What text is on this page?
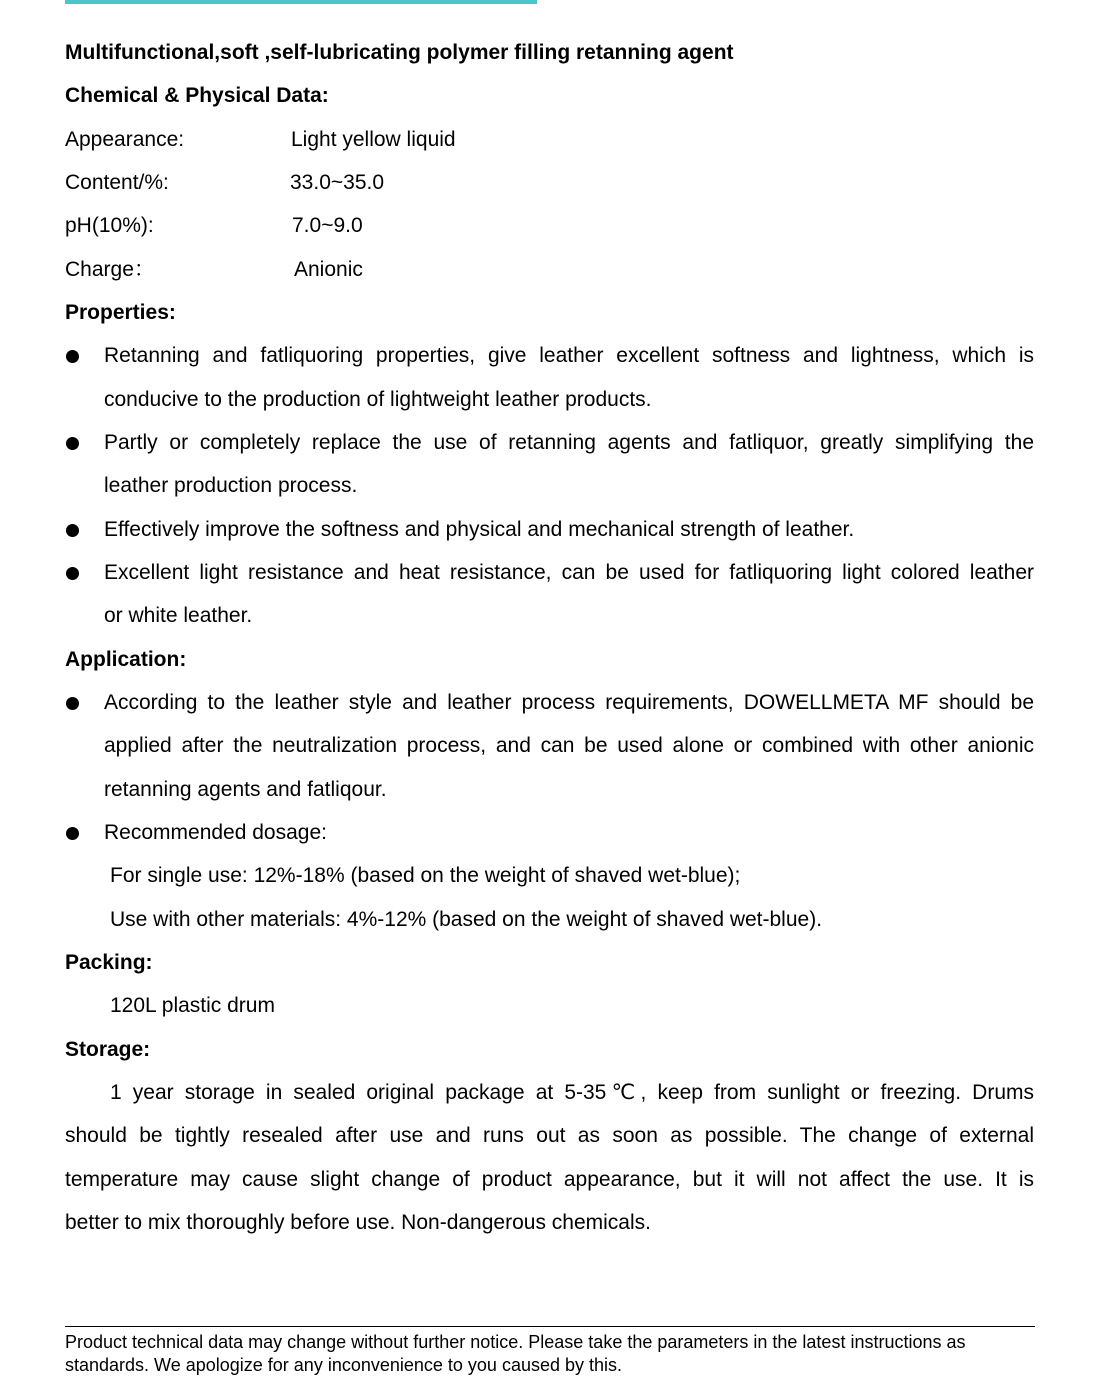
Multifunctional,soft ,self-lubricating polymer filling retanning agent
Chemical & Physical Data:
Appearance:	Light yellow liquid
Content/%:	33.0~35.0
pH(10%):	7.0~9.0
Charge：	Anionic
Properties:
Retanning and fatliquoring properties, give leather excellent softness and lightness, which is
conducive to the production of lightweight leather products.
Partly or completely replace the use of retanning agents and fatliquor, greatly simplifying the
leather production process.
Effectively improve the softness and physical and mechanical strength of leather.
Excellent light resistance and heat resistance, can be used for fatliquoring light colored leather
or white leather.
Application:
According to the leather style and leather process requirements, DOWELLMETA MF should be
applied after the neutralization process, and can be used alone or combined with other anionic
retanning agents and fatliqour.
Recommended dosage:
For single use: 12%-18% (based on the weight of shaved wet-blue);
Use with other materials: 4%-12% (based on the weight of shaved wet-blue).
Packing:
120L plastic drum
Storage:
1 year storage in sealed original package at 5-35℃, keep from sunlight or freezing. Drums
should be tightly resealed after use and runs out as soon as possible. The change of external
temperature may cause slight change of product appearance, but it will not affect the use. It is
better to mix thoroughly before use. Non-dangerous chemicals.
Product technical data may change without further notice. Please take the parameters in the latest instructions as
standards. We apologize for any inconvenience to you caused by this.
